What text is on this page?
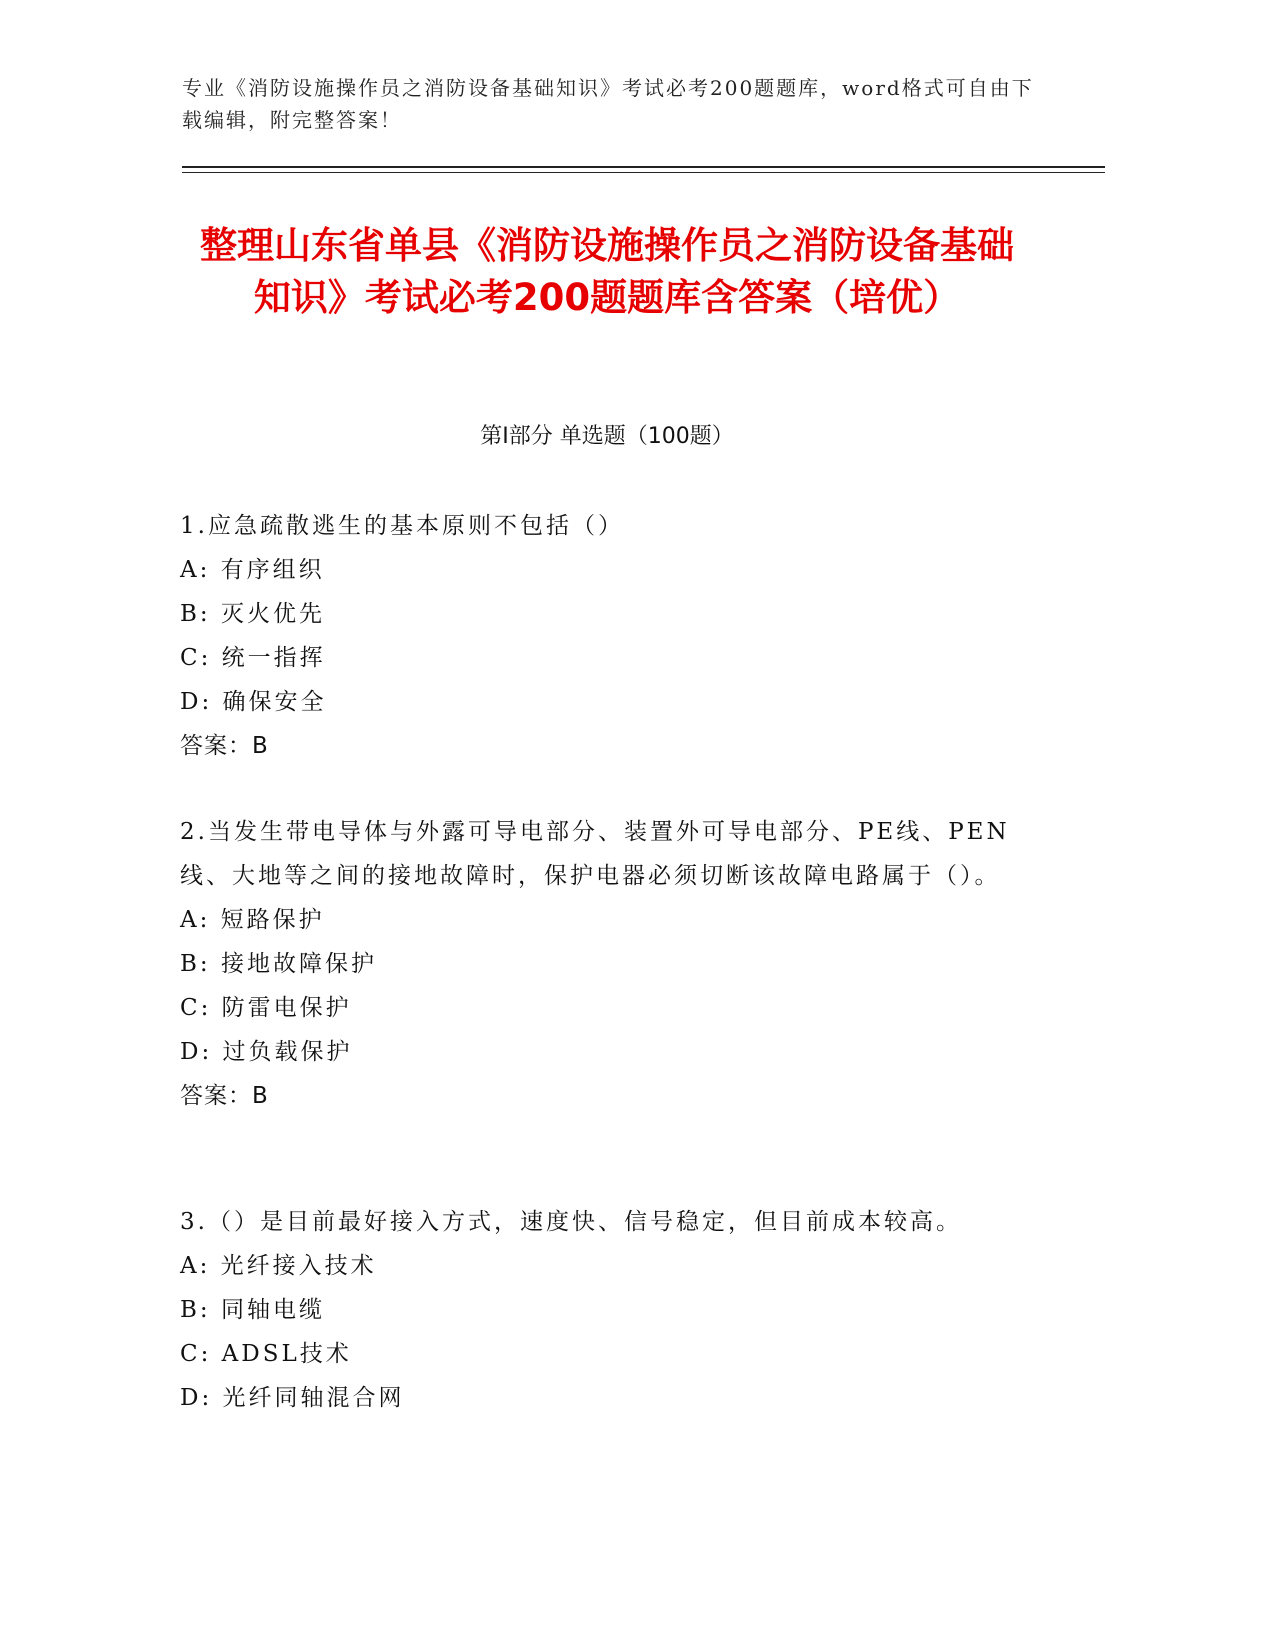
专业《消防设施操作员之消防设备基础知识》考试必考200题题库，word格式可自由下载编辑，附完整答案！
整理山东省单县《消防设施操作员之消防设备基础知识》考试必考200题题库含答案（培优）
第I部分 单选题（100题）
1.应急疏散逃生的基本原则不包括（）
A: 有序组织
B: 灭火优先
C: 统一指挥
D: 确保安全
答案：B
2.当发生带电导体与外露可导电部分、装置外可导电部分、PE线、PEN线、大地等之间的接地故障时，保护电器必须切断该故障电路属于（）。
A: 短路保护
B: 接地故障保护
C: 防雷电保护
D: 过负载保护
答案：B
3.（）是目前最好接入方式，速度快、信号稳定，但目前成本较高。
A: 光纤接入技术
B: 同轴电缆
C: ADSL技术
D: 光纤同轴混合网
